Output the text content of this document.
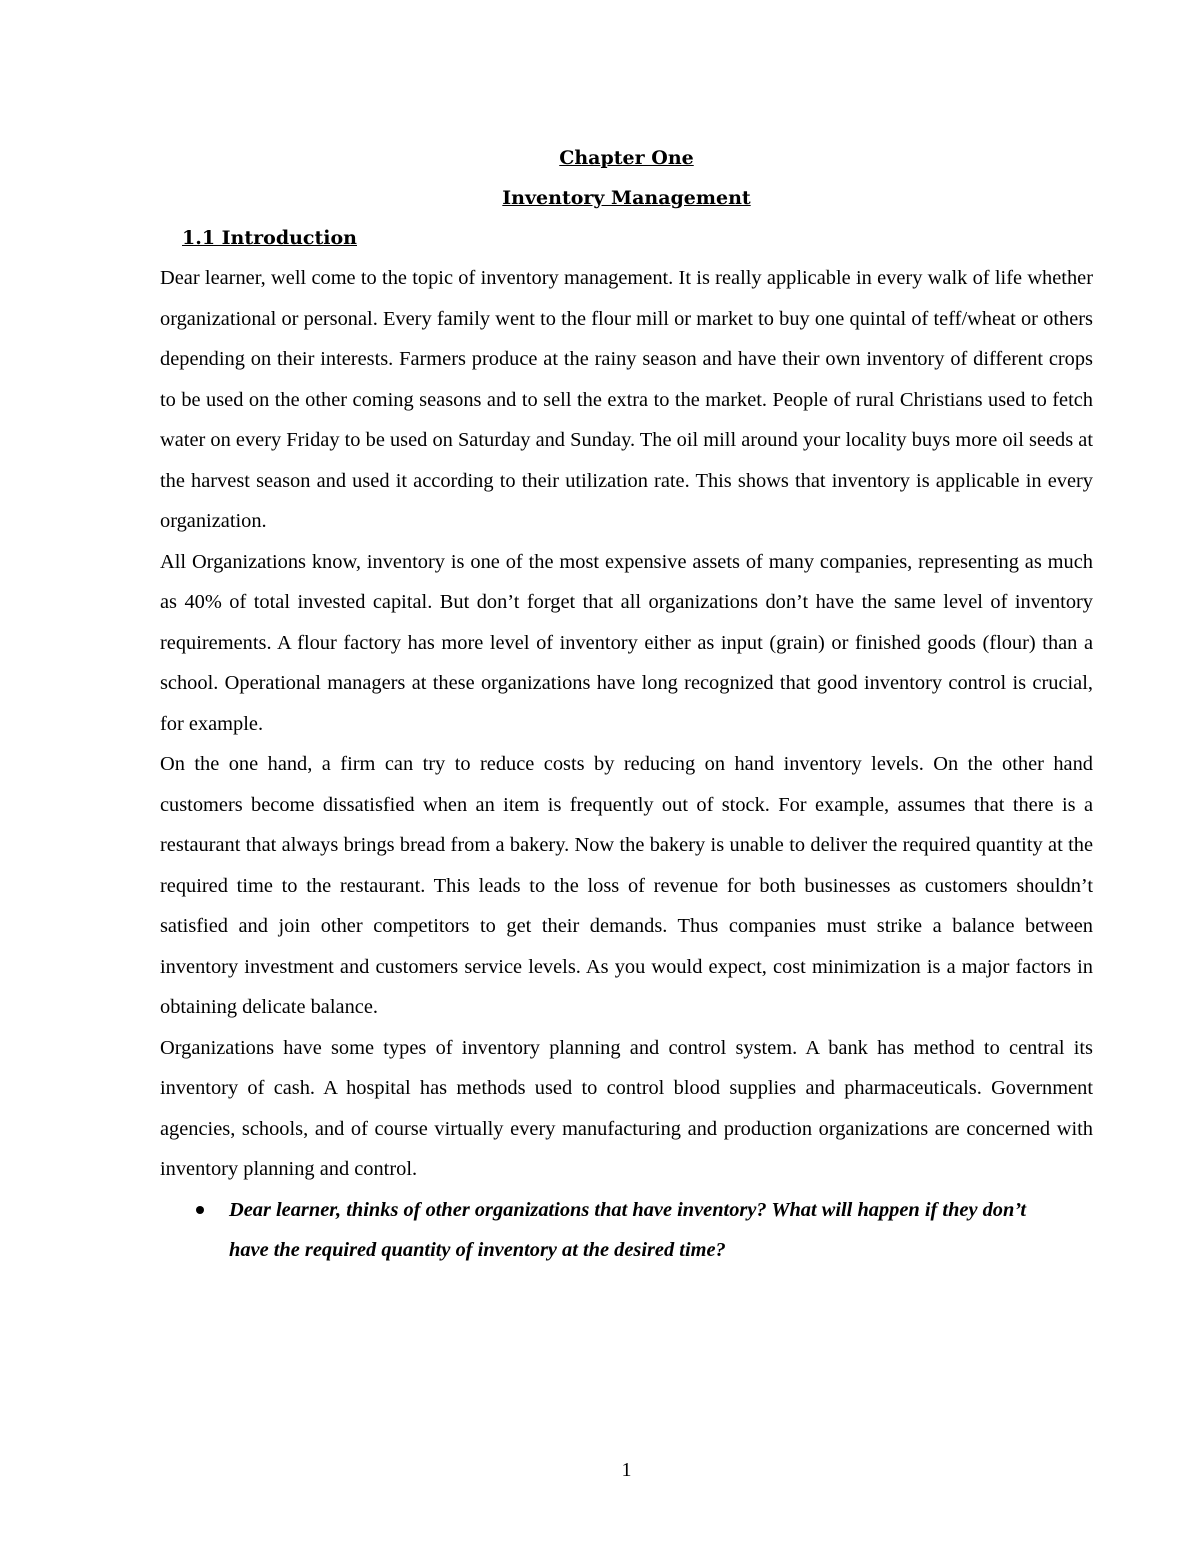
Chapter One
Inventory Management
1.1 Introduction

Dear learner, well come to the topic of inventory management. It is really applicable in every walk of life whether organizational or personal. Every family went to the flour mill or market to buy one quintal of teff/wheat or others depending on their interests. Farmers produce at the rainy season and have their own inventory of different crops to be used on the other coming seasons and to sell the extra to the market. People of rural Christians used to fetch water on every Friday to be used on Saturday and Sunday. The oil mill around your locality buys more oil seeds at the harvest season and used it according to their utilization rate. This shows that inventory is applicable in every organization.

All Organizations know, inventory is one of the most expensive assets of many companies, representing as much as 40% of total invested capital. But don’t forget that all organizations don’t have the same level of inventory requirements. A flour factory has more level of inventory either as input (grain) or finished goods (flour) than a school. Operational managers at these organizations have long recognized that good inventory control is crucial, for example.

On the one hand, a firm can try to reduce costs by reducing on hand inventory levels. On the other hand customers become dissatisfied when an item is frequently out of stock. For example, assumes that there is a restaurant that always brings bread from a bakery. Now the bakery is unable to deliver the required quantity at the required time to the restaurant. This leads to the loss of revenue for both businesses as customers shouldn’t satisfied and join other competitors to get their demands. Thus companies must strike a balance between inventory investment and customers service levels. As you would expect, cost minimization is a major factors in obtaining delicate balance.

Organizations have some types of inventory planning and control system. A bank has method to central its inventory of cash. A hospital has methods used to control blood supplies and pharmaceuticals. Government agencies, schools, and of course virtually every manufacturing and production organizations are concerned with inventory planning and control.

Dear learner, thinks of other organizations that have inventory? What will happen if they don’t have the required quantity of inventory at the desired time?
1
